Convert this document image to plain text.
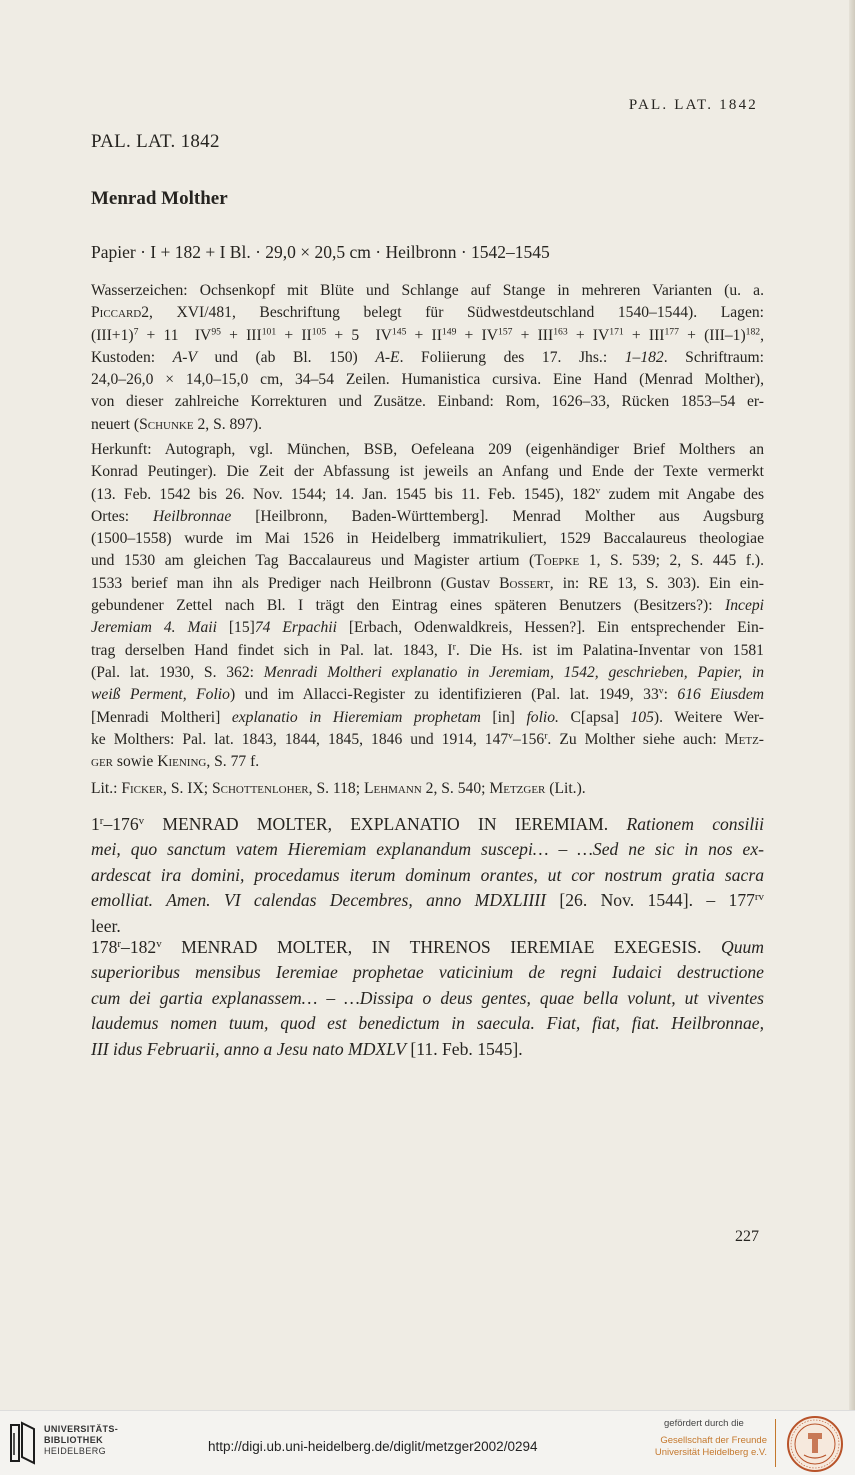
PAL. LAT. 1842
PAL. LAT. 1842
Menrad Molther
Papier · I + 182 + I Bl. · 29,0 × 20,5 cm · Heilbronn · 1542–1545
Wasserzeichen: Ochsenkopf mit Blüte und Schlange auf Stange in mehreren Varianten (u. a.
Piccard2, XVI/481, Beschriftung belegt für Südwestdeutschland 1540–1544). Lagen:
$(III+1)^7 + 11$  $IV^{95} + III^{101} + II^{105} + 5$  $IV^{145} + II^{149} + IV^{157} + III^{163} + IV^{171} + III^{177} + (III-1)^{182}$,
Kustoden: A-V und (ab Bl. 150) A-E. Foliierung des 17. Jhs.: 1–182. Schriftraum:
24,0–26,0 × 14,0–15,0 cm, 34–54 Zeilen. Humanistica cursiva. Eine Hand (Menrad Molther),
von dieser zahlreiche Korrekturen und Zusätze. Einband: Rom, 1626–33, Rücken 1853–54 er-
neuert (Schunke 2, S. 897).
Herkunft: Autograph, vgl. München, BSB, Oefeleana 209 (eigenhändiger Brief Molthers an
Konrad Peutinger). Die Zeit der Abfassung ist jeweils an Anfang und Ende der Texte vermerkt
(13. Feb. 1542 bis 26. Nov. 1544; 14. Jan. 1545 bis 11. Feb. 1545), 182$^v$ zudem mit Angabe des
Ortes: Heilbronnae [Heilbronn, Baden-Württemberg]. Menrad Molther aus Augsburg
(1500–1558) wurde im Mai 1526 in Heidelberg immatrikuliert, 1529 Baccalaureus theologiae
und 1530 am gleichen Tag Baccalaureus und Magister artium (Toepke 1, S. 539; 2, S. 445 f.).
1533 berief man ihn als Prediger nach Heilbronn (Gustav Bossert, in: RE 13, S. 303). Ein ein-
gebundener Zettel nach Bl. I trägt den Eintrag eines späteren Benutzers (Besitzers?): Incepi
Jeremiam 4. Maii [15]74 Erpachii [Erbach, Odenwaldkreis, Hessen?]. Ein entsprechender Ein-
trag derselben Hand findet sich in Pal. lat. 1843, $I^r$. Die Hs. ist im Palatina-Inventar von 1581
(Pal. lat. 1930, S. 362: Menradi Moltheri explanatio in Jeremiam, 1542, geschrieben, Papier, in
weiß Perment, Folio) und im Allacci-Register zu identifizieren (Pal. lat. 1949, 33$^v$: 616 Eiusdem
[Menradi Moltheri] explanatio in Hieremiam prophetam [in] folio. C[apsa] 105). Weitere Wer-
ke Molthers: Pal. lat. 1843, 1844, 1845, 1846 und 1914, 147$^v$–156$^r$. Zu Molther siehe auch: Metz-
ger sowie Kiening, S. 77 f.
Lit.: Ficker, S. IX; Schottenloher, S. 118; Lehmann 2, S. 540; Metzger (Lit.).
1$^r$–176$^v$ MENRAD MOLTER, EXPLANATIO IN IEREMIAM. Rationem consilii
mei, quo sanctum vatem Hieremiam explanandum suscepi… – …Sed ne sic in nos ex-
ardescat ira domini, procedamus iterum dominum orantes, ut cor nostrum gratia sacra
emolliat. Amen. VI calendas Decembres, anno MDXLIIII [26. Nov. 1544]. – $177^{rv}$
leer.
178$^r$–182$^v$ MENRAD MOLTER, IN THRENOS IEREMIAE EXEGESIS. Quum
superioribus mensibus Ieremiae prophetae vaticinium de regni Iudaici destructione
cum dei gartia explanassem… – …Dissipa o deus gentes, quae bella volunt, ut viventes
laudemus nomen tuum, quod est benedictum in saecula. Fiat, fiat, fiat. Heilbronnae,
III idus Februarii, anno a Jesu nato MDXLV [11. Feb. 1545].
227
UNIVERSITÄTS-
BIBLIOTHEK
HEIDELBERG	http://digi.ub.uni-heidelberg.de/diglit/metzger2002/0294
gefördert durch die
Gesellschaft der Freunde
Universität Heidelberg e.V.
